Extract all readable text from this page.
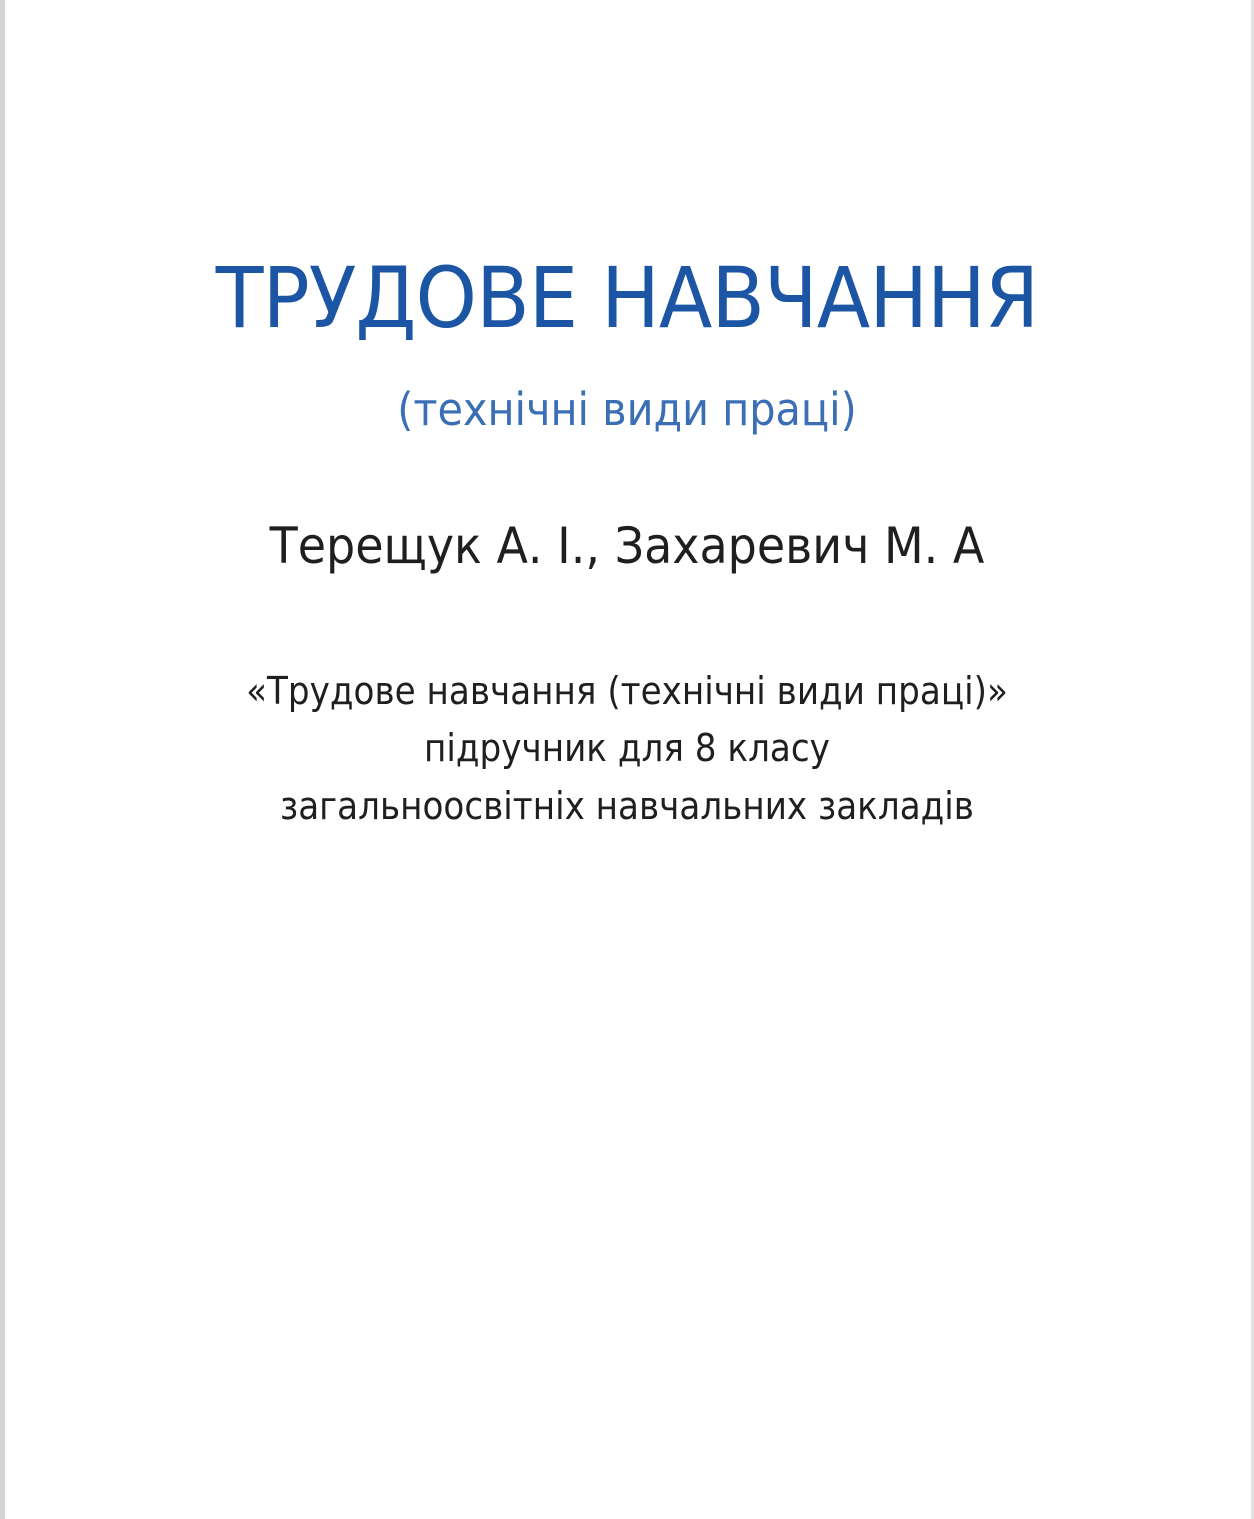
ТРУДОВЕ НАВЧАННЯ
(технічні види праці)
Терещук А. І., Захаревич М. А
«Трудове навчання (технічні види праці)»
підручник для 8 класу
загальноосвітніх навчальних закладів
